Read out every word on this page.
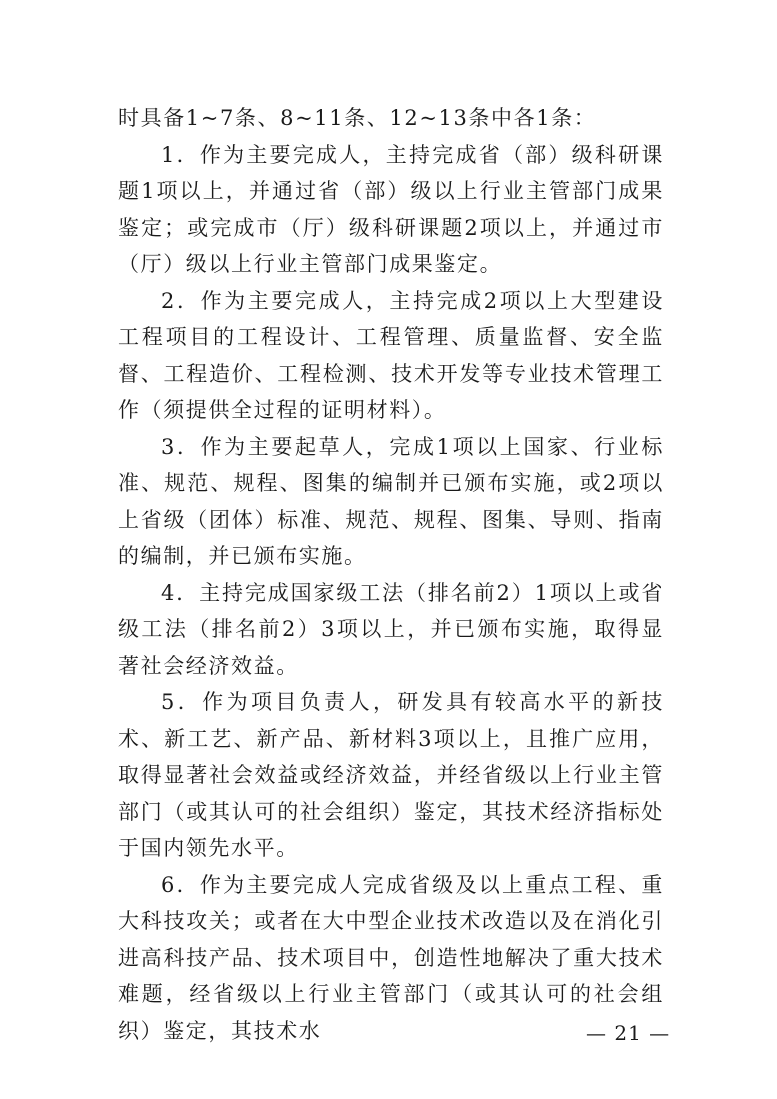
时具备1~7条、8~11条、12~13条中各1条：

1．作为主要完成人，主持完成省（部）级科研课题1项以上，并通过省（部）级以上行业主管部门成果鉴定；或完成市（厅）级科研课题2项以上，并通过市（厅）级以上行业主管部门成果鉴定。

2．作为主要完成人，主持完成2项以上大型建设工程项目的工程设计、工程管理、质量监督、安全监督、工程造价、工程检测、技术开发等专业技术管理工作（须提供全过程的证明材料）。

3．作为主要起草人，完成1项以上国家、行业标准、规范、规程、图集的编制并已颁布实施，或2项以上省级（团体）标准、规范、规程、图集、导则、指南的编制，并已颁布实施。

4．主持完成国家级工法（排名前2）1项以上或省级工法（排名前2）3项以上，并已颁布实施，取得显著社会经济效益。

5．作为项目负责人，研发具有较高水平的新技术、新工艺、新产品、新材料3项以上，且推广应用，取得显著社会效益或经济效益，并经省级以上行业主管部门（或其认可的社会组织）鉴定，其技术经济指标处于国内领先水平。

6．作为主要完成人完成省级及以上重点工程、重大科技攻关；或者在大中型企业技术改造以及在消化引进高科技产品、技术项目中，创造性地解决了重大技术难题，经省级以上行业主管部门（或其认可的社会组织）鉴定，其技术水	— 21 —
